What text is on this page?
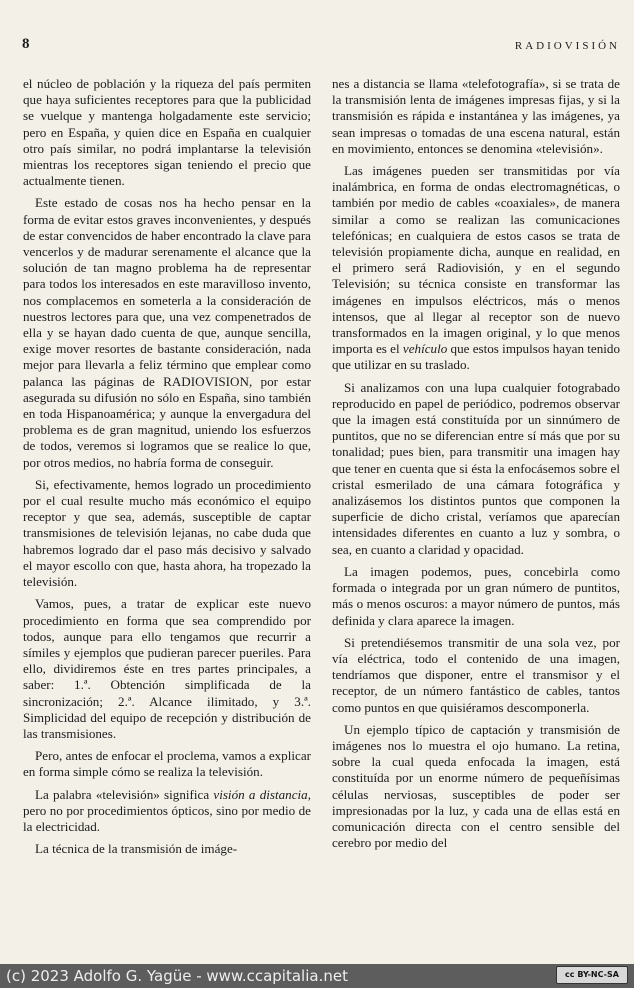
8	RADIOVISIÓN

el núcleo de población y la riqueza del país permiten que haya suficientes receptores para que la publicidad se vuelque y mantenga holgadamente este servicio; pero en España, y quien dice en España en cualquier otro país similar, no podrá implantarse la televisión mientras los receptores sigan teniendo el precio que actualmente tienen.

Este estado de cosas nos ha hecho pensar en la forma de evitar estos graves inconvenientes, y después de estar convencidos de haber encontrado la clave para vencerlos y de madurar serenamente el alcance que la solución de tan magno problema ha de representar para todos los interesados en este maravilloso invento, nos complacemos en someterla a la consideración de nuestros lectores para que, una vez compenetrados de ella y se hayan dado cuenta de que, aunque sencilla, exige mover resortes de bastante consideración, nada mejor para llevarla a feliz término que emplear como palanca las páginas de RADIOVISION, por estar asegurada su difusión no sólo en España, sino también en toda Hispanoamérica; y aunque la envergadura del problema es de gran magnitud, uniendo los esfuerzos de todos, veremos si logramos que se realice lo que, por otros medios, no habría forma de conseguir.

Si, efectivamente, hemos logrado un procedimiento por el cual resulte mucho más económico el equipo receptor y que sea, además, susceptible de captar transmisiones de televisión lejanas, no cabe duda que habremos logrado dar el paso más decisivo y salvado el mayor escollo con que, hasta ahora, ha tropezado la televisión.

Vamos, pues, a tratar de explicar este nuevo procedimiento en forma que sea comprendido por todos, aunque para ello tengamos que recurrir a símiles y ejemplos que pudieran parecer pueriles. Para ello, dividiremos éste en tres partes principales, a saber: 1.ª. Obtención simplificada de la sincronización; 2.ª. Alcance ilimitado, y 3.ª. Simplicidad del equipo de recepción y distribución de las transmisiones.

Pero, antes de enfocar el proclema, vamos a explicar en forma simple cómo se realiza la televisión.

La palabra «televisión» significa visión a distancia, pero no por procedimientos ópticos, sino por medio de la electricidad.

La técnica de la transmisión de imáge-

nes a distancia se llama «telefotografía», si se trata de la transmisión lenta de imágenes impresas fijas, y si la transmisión es rápida e instantánea y las imágenes, ya sean impresas o tomadas de una escena natural, están en movimiento, entonces se denomina «televisión».

Las imágenes pueden ser transmitidas por vía inalámbrica, en forma de ondas electromagnéticas, o también por medio de cables «coaxiales», de manera similar a como se realizan las comunicaciones telefónicas; en cualquiera de estos casos se trata de televisión propiamente dicha, aunque en realidad, en el primero será Radiovisión, y en el segundo Televisión; su técnica consiste en transformar las imágenes en impulsos eléctricos, más o menos intensos, que al llegar al receptor son de nuevo transformados en la imagen original, y lo que menos importa es el vehículo que estos impulsos hayan tenido que utilizar en su traslado.

Si analizamos con una lupa cualquier fotograbado reproducido en papel de periódico, podremos observar que la imagen está constituída por un sinnúmero de puntitos, que no se diferencian entre sí más que por su tonalidad; pues bien, para transmitir una imagen hay que tener en cuenta que si ésta la enfocásemos sobre el cristal esmerilado de una cámara fotográfica y analizásemos los distintos puntos que componen la superficie de dicho cristal, veríamos que aparecían intensidades diferentes en cuanto a luz y sombra, o sea, en cuanto a claridad y opacidad.

La imagen podemos, pues, concebirla como formada o integrada por un gran número de puntitos, más o menos oscuros: a mayor número de puntos, más definida y clara aparece la imagen.

Si pretendiésemos transmitir de una sola vez, por vía eléctrica, todo el contenido de una imagen, tendríamos que disponer, entre el transmisor y el receptor, de un número fantástico de cables, tantos como puntos en que quisiéramos descomponerla.

Un ejemplo típico de captación y transmisión de imágenes nos lo muestra el ojo humano. La retina, sobre la cual queda enfocada la imagen, está constituída por un enorme número de pequeñísimas células nerviosas, susceptibles de poder ser impresionadas por la luz, y cada una de ellas está en comunicación directa con el centro sensible del cerebro por medio del

(c) 2023 Adolfo G. Yagüe - www.ccapitalia.net	cc BY-NC-SA
